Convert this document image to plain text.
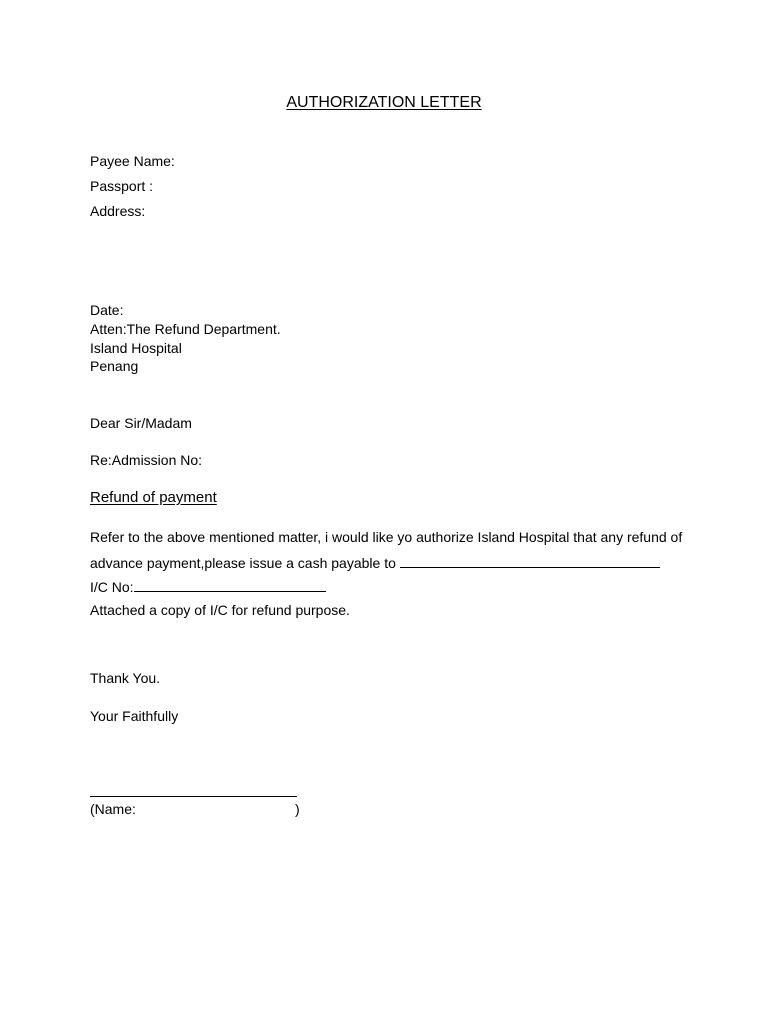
AUTHORIZATION LETTER
Payee Name:
Passport :
Address:
Date:
Atten:The Refund Department.
Island Hospital
Penang
Dear Sir/Madam
Re:Admission No:
Refund of payment
Refer to the above mentioned matter, i would like yo authorize Island Hospital that any refund of
advance payment,please issue a cash payable to
I/C No:
Attached a copy of I/C for refund purpose.
Thank You.
Your Faithfully
(Name:	)
